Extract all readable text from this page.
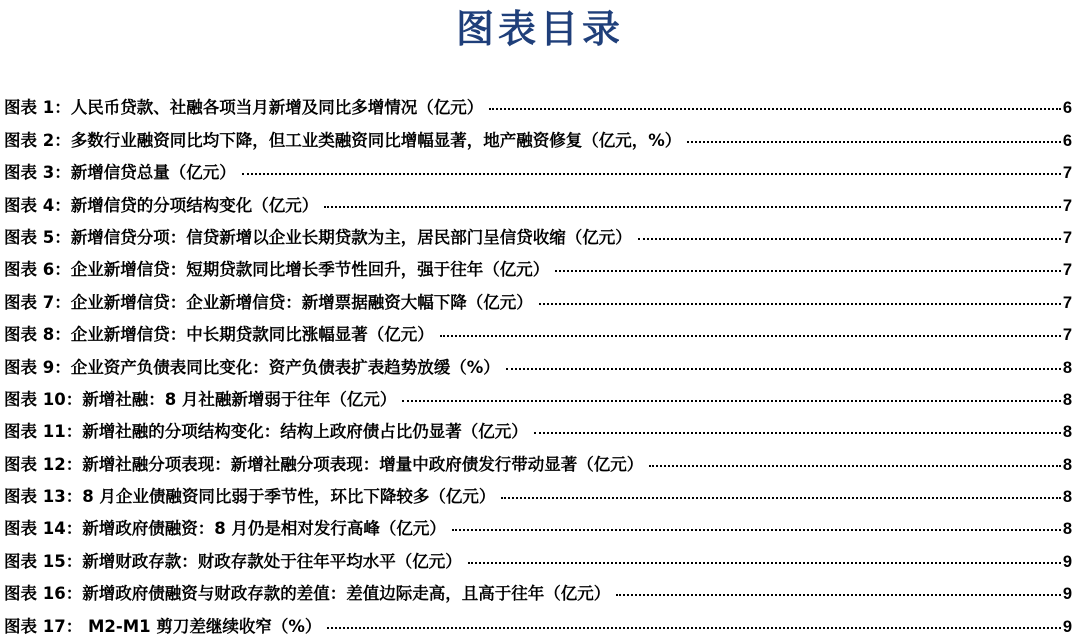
图表目录
图表 1：人民币贷款、社融各项当月新增及同比多增情况（亿元）	6
图表 2：多数行业融资同比均下降，但工业类融资同比增幅显著，地产融资修复（亿元，%）	6
图表 3：新增信贷总量（亿元）	7
图表 4：新增信贷的分项结构变化（亿元）	7
图表 5：新增信贷分项：信贷新增以企业长期贷款为主，居民部门呈信贷收缩（亿元）	7
图表 6：企业新增信贷：短期贷款同比增长季节性回升，强于往年（亿元）	7
图表 7：企业新增信贷：企业新增信贷：新增票据融资大幅下降（亿元）	7
图表 8：企业新增信贷：中长期贷款同比涨幅显著（亿元）	7
图表 9：企业资产负债表同比变化：资产负债表扩表趋势放缓（%）	8
图表 10：新增社融：8 月社融新增弱于往年（亿元）	8
图表 11：新增社融的分项结构变化：结构上政府债占比仍显著（亿元）	8
图表 12：新增社融分项表现：新增社融分项表现：增量中政府债发行带动显著（亿元）	8
图表 13：8 月企业债融资同比弱于季节性，环比下降较多（亿元）	8
图表 14：新增政府债融资：8 月仍是相对发行高峰（亿元）	8
图表 15：新增财政存款：财政存款处于往年平均水平（亿元）	9
图表 16：新增政府债融资与财政存款的差值：差值边际走高，且高于往年（亿元）	9
图表 17： M2-M1 剪刀差继续收窄（%）	9
